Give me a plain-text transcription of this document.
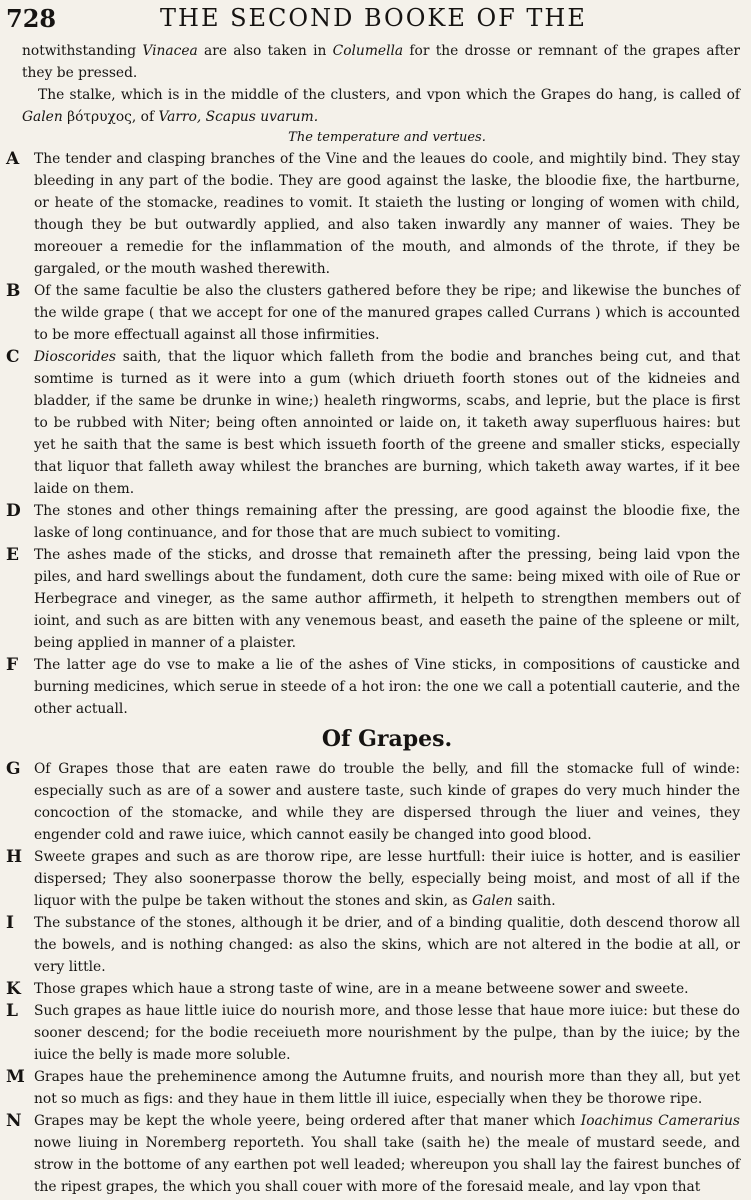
728	THE SECOND BOOKE OF THE

notwithstanding Vinacea are also taken in Columella for the drosse or remnant of the grapes after they be pressed.

The stalke, which is in the middle of the clusters, and vpon which the Grapes do hang, is called of Galen βότρυχος, of Varro, Scapus uvarum.

The temperature and vertues.

A	The tender and clasping branches of the Vine and the leaues do coole, and mightily bind. They stay bleeding in any part of the bodie. They are good against the laske, the bloodie fixe, the hartburne, or heate of the stomacke, readines to vomit. It staieth the lusting or longing of women with child, though they be but outwardly applied, and also taken inwardly any manner of waies. They be moreouer a remedie for the inflammation of the mouth, and almonds of the throte, if they be gargaled, or the mouth washed therewith.

B Of the same facultie be also the clusters gathered before they be ripe; and likewise the bunches of the wilde grape ( that we accept for one of the manured grapes called Currans ) which is accounted to be more effectuall against all those infirmities.

C	Dioscorides saith, that the liquor which falleth from the bodie and branches being cut, and that somtime is turned as it were into a gum (which driueth foorth stones out of the kidneies and bladder, if the same be drunke in wine;) healeth ringworms, scabs, and leprie, but the place is first to be rubbed with Niter; being often annointed or laide on, it taketh away superfluous haires: but yet he saith that the same is best which issueth foorth of the greene and smaller sticks, especially that liquor that falleth away whilest the branches are burning, which taketh away wartes, if it bee laide on them.

D The stones and other things remaining after the pressing, are good against the bloodie fixe, the laske of long continuance, and for those that are much subiect to vomiting.

E	The ashes made of the sticks, and drosse that remaineth after the pressing, being laid vpon the piles, and hard swellings about the fundament, doth cure the same: being mixed with oile of Rue or Herbegrace and vineger, as the same author affirmeth, it helpeth to strengthen members out of ioint, and such as are bitten with any venemous beast, and easeth the paine of the spleene or milt, being applied in manner of a plaister.

F	The latter age do vse to make a lie of the ashes of Vine sticks, in compositions of causticke and burning medicines, which serue in steede of a hot iron: the one we call a potentiall cauterie, and the other actuall.

Of Grapes.

G Of Grapes those that are eaten rawe do trouble the belly, and fill the stomacke full of winde: especially such as are of a sower and austere taste, such kinde of grapes do very much hinder the concoction of the stomacke, and while they are dispersed through the liuer and veines, they engender cold and rawe iuice, which cannot easily be changed into good blood.

H Sweete grapes and such as are thorow ripe, are lesse hurtfull: their iuice is hotter, and is easilier dispersed; They also soonerpasse thorow the belly, especially being moist, and most of all if the liquor with the pulpe be taken without the stones and skin, as Galen saith.

I	The substance of the stones, although it be drier, and of a binding qualitie, doth descend thorow all the bowels, and is nothing changed: as also the skins, which are not altered in the bodie at all, or very little.

K Those grapes which haue a strong taste of wine, are in a meane betweene sower and sweete.

L	Such grapes as haue little iuice do nourish more, and those lesse that haue more iuice: but these do sooner descend; for the bodie receiueth more nourishment by the pulpe, than by the iuice; by the iuice the belly is made more soluble.

M Grapes haue the preheminence among the Autumne fruits, and nourish more than they all, but yet not so much as figs: and they haue in them little ill iuice, especially when they be thorowe ripe.

N Grapes may be kept the whole yeere, being ordered after that maner which Ioachimus Camerarius nowe liuing in Noremberg reporteth. You shall take (saith he) the meale of mustard seede, and strow in the bottome of any earthen pot well leaded; whereupon you shall lay the fairest bunches of the ripest grapes, the which you shall couer with more of the foresaid meale, and lay vpon that
